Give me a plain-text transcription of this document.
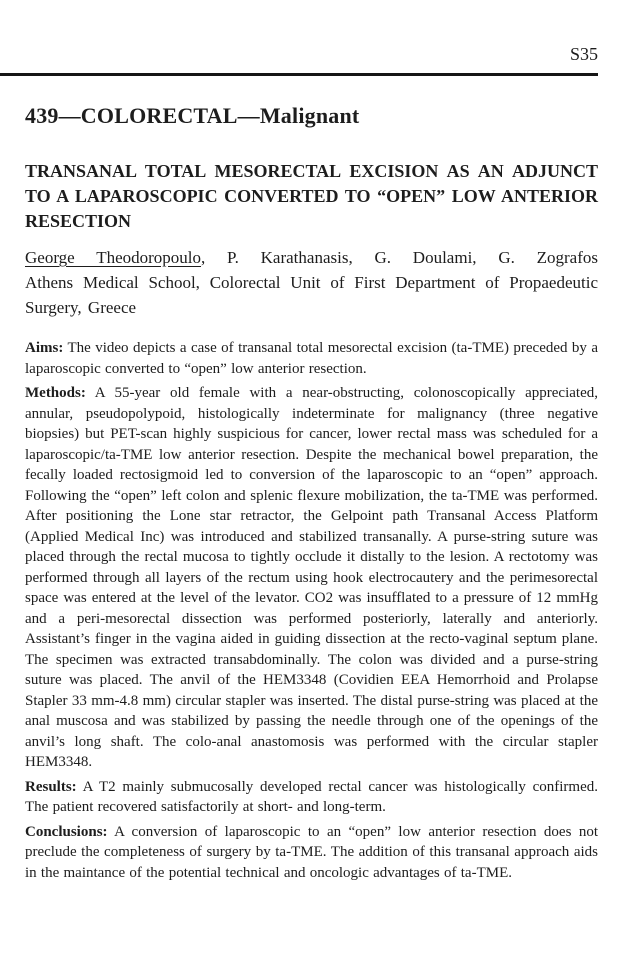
S35
439—COLORECTAL—Malignant
TRANSANAL TOTAL MESORECTAL EXCISION AS AN ADJUNCT TO A LAPAROSCOPIC CONVERTED TO “OPEN” LOW ANTERIOR RESECTION
George Theodoropoulo, P. Karathanasis, G. Doulami, G. Zografos
Athens Medical School, Colorectal Unit of First Department of Propaedeutic Surgery, Greece

Aims: The video depicts a case of transanal total mesorectal excision (ta-TME) preceded by a laparoscopic converted to “open” low anterior resection.

Methods: A 55-year old female with a near-obstructing, colonoscopically appreciated, annular, pseudopolypoid, histologically indeterminate for malignancy (three negative biopsies) but PET-scan highly suspicious for cancer, lower rectal mass was scheduled for a laparoscopic/ta-TME low anterior resection. Despite the mechanical bowel preparation, the fecally loaded rectosigmoid led to conversion of the laparoscopic to an “open” approach. Following the “open” left colon and splenic flexure mobilization, the ta-TME was performed. After positioning the Lone star retractor, the Gelpoint path Transanal Access Platform (Applied Medical Inc) was introduced and stabilized transanally. A purse-string suture was placed through the rectal mucosa to tightly occlude it distally to the lesion. A rectotomy was performed through all layers of the rectum using hook electrocautery and the perimesorectal space was entered at the level of the levator. CO2 was insufflated to a pressure of 12 mmHg and a peri-mesorectal dissection was performed posteriorly, laterally and anteriorly. Assistant’s finger in the vagina aided in guiding dissection at the recto-vaginal septum plane. The specimen was extracted transabdominally. The colon was divided and a purse-string suture was placed. The anvil of the HEM3348 (Covidien EEA Hemorrhoid and Prolapse Stapler 33 mm-4.8 mm) circular stapler was inserted. The distal purse-string was placed at the anal muscosa and was stabilized by passing the needle through one of the openings of the anvil’s long shaft. The colo-anal anastomosis was performed with the circular stapler HEM3348.

Results: A T2 mainly submucosally developed rectal cancer was histologically confirmed. The patient recovered satisfactorily at short- and long-term.

Conclusions: A conversion of laparoscopic to an “open” low anterior resection does not preclude the completeness of surgery by ta-TME. The addition of this transanal approach aids in the maintance of the potential technical and oncologic advantages of ta-TME.
